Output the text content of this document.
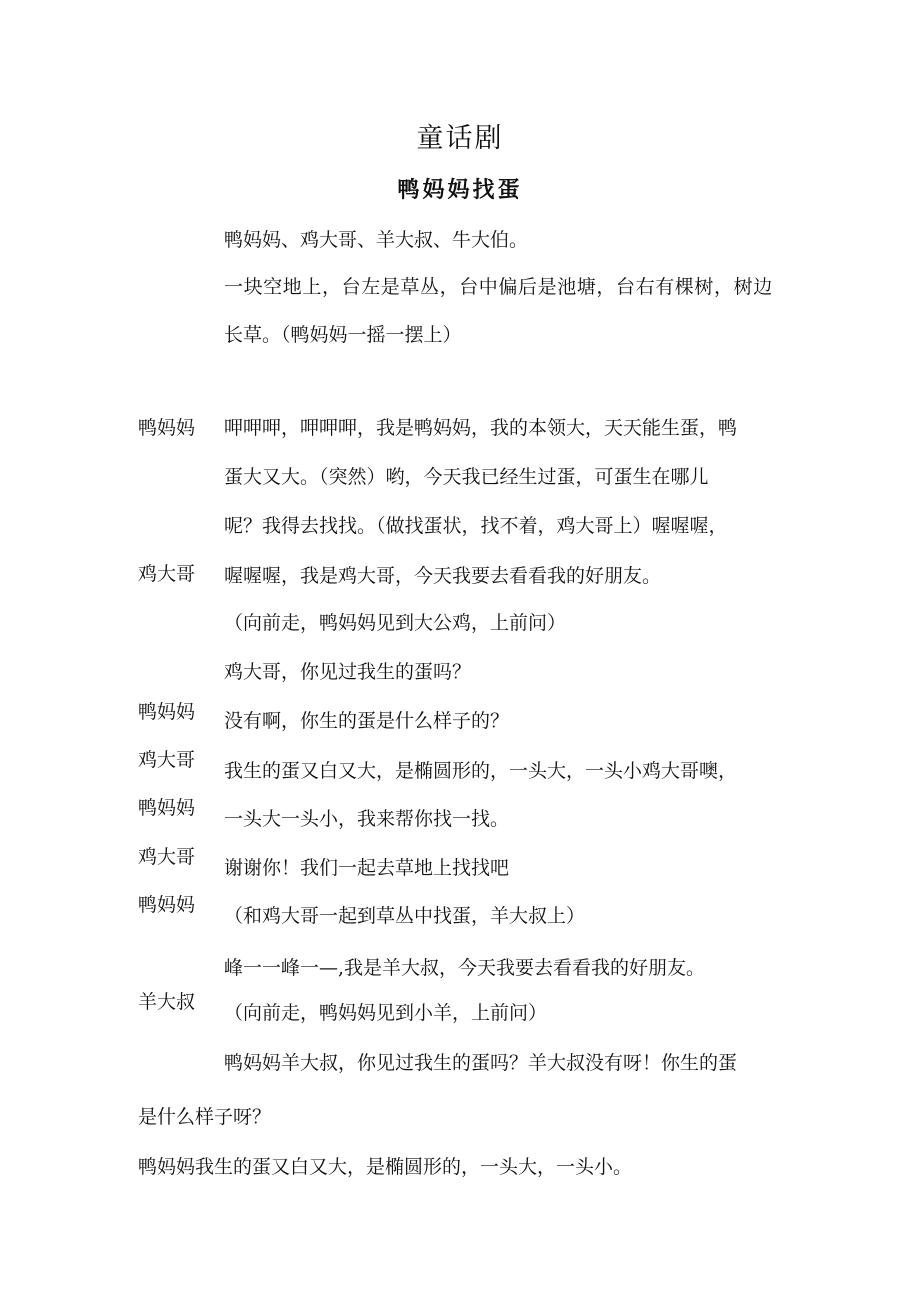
童话剧
鸭妈妈找蛋
鸭妈妈、鸡大哥、羊大叔、牛大伯。
一块空地上，台左是草丛，台中偏后是池塘，台右有棵树，树边
长草。（鸭妈妈一摇一摆上）
鸭妈妈
鸡大哥
鸭妈妈
鸡大哥
鸭妈妈
鸡大哥
鸭妈妈
羊大叔
呷呷呷，呷呷呷，我是鸭妈妈，我的本领大，天天能生蛋，鸭
蛋大又大。（突然）哟，今天我已经生过蛋，可蛋生在哪儿
呢？我得去找找。（做找蛋状，找不着，鸡大哥上）喔喔喔，
喔喔喔，我是鸡大哥，今天我要去看看我的好朋友。
（向前走，鸭妈妈见到大公鸡，上前问）
鸡大哥，你见过我生的蛋吗？
没有啊，你生的蛋是什么样子的？
我生的蛋又白又大，是椭圆形的，一头大，一头小鸡大哥噢，
一头大一头小，我来帮你找一找。
谢谢你！我们一起去草地上找找吧
（和鸡大哥一起到草丛中找蛋，羊大叔上）
峰一一峰一—,我是羊大叔，今天我要去看看我的好朋友。
（向前走，鸭妈妈见到小羊，上前问）
鸭妈妈羊大叔，你见过我生的蛋吗？羊大叔没有呀！你生的蛋
是什么样子呀？
鸭妈妈我生的蛋又白又大，是椭圆形的，一头大，一头小。
